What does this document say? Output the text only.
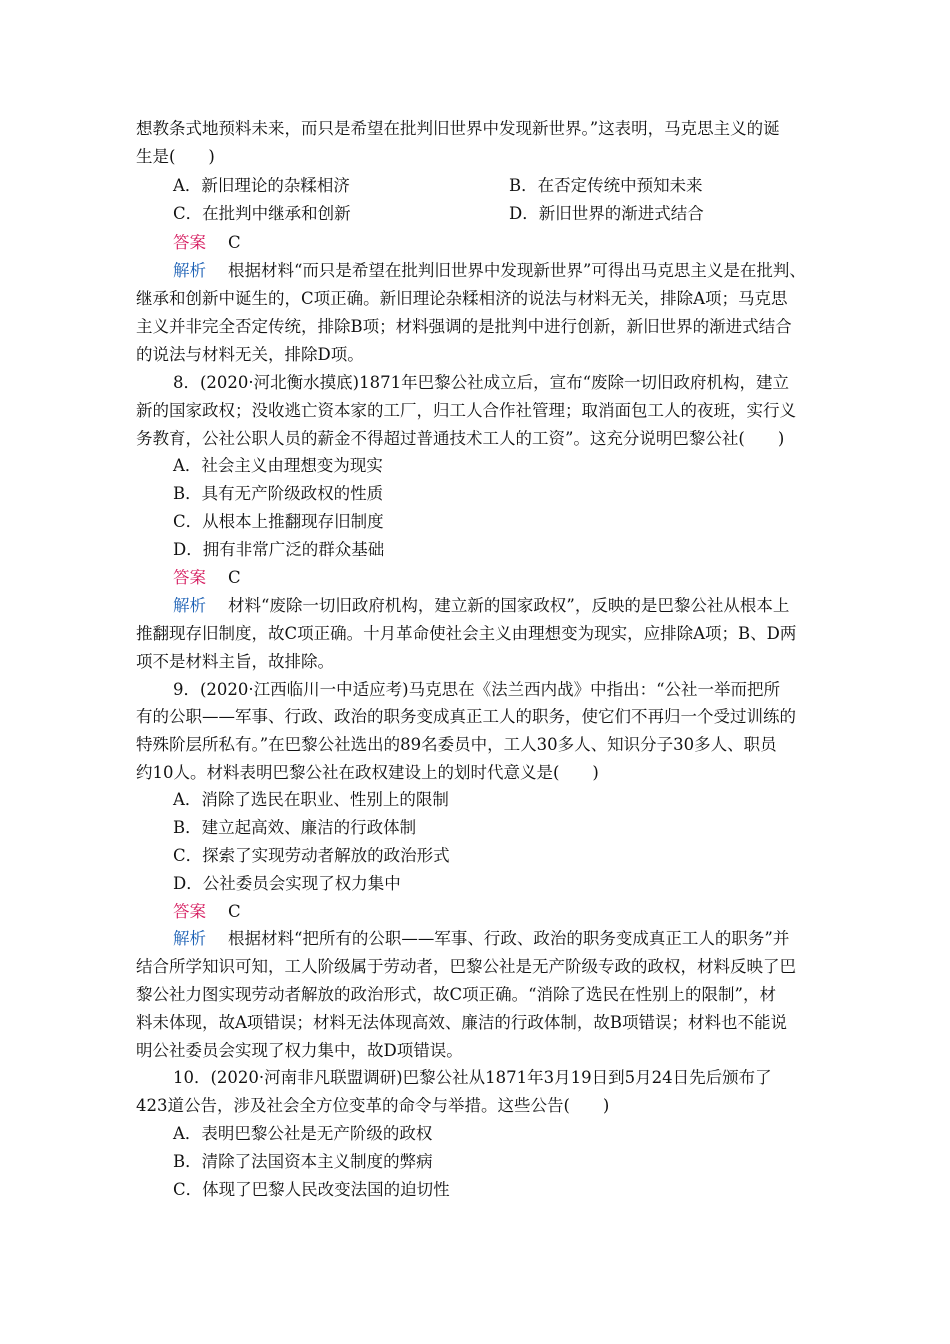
想教条式地预料未来，而只是希望在批判旧世界中发现新世界。”这表明，马克思主义的诞
生是(　　)
A．新旧理论的杂糅相济	B．在否定传统中预知未来
C．在批判中继承和创新	D．新旧世界的渐进式结合
答案 C
解析 根据材料“而只是希望在批判旧世界中发现新世界”可得出马克思主义是在批判、
继承和创新中诞生的，C项正确。新旧理论杂糅相济的说法与材料无关，排除A项；马克思
主义并非完全否定传统，排除B项；材料强调的是批判中进行创新，新旧世界的渐进式结合
的说法与材料无关，排除D项。
8．(2020·河北衡水摸底)1871年巴黎公社成立后，宣布“废除一切旧政府机构，建立
新的国家政权；没收逃亡资本家的工厂，归工人合作社管理；取消面包工人的夜班，实行义
务教育，公社公职人员的薪金不得超过普通技术工人的工资”。这充分说明巴黎公社(　　)
A．社会主义由理想变为现实
B．具有无产阶级政权的性质
C．从根本上推翻现存旧制度
D．拥有非常广泛的群众基础
答案 C
解析 材料“废除一切旧政府机构，建立新的国家政权”，反映的是巴黎公社从根本上
推翻现存旧制度，故C项正确。十月革命使社会主义由理想变为现实，应排除A项；B、D两
项不是材料主旨，故排除。
9．(2020·江西临川一中适应考)马克思在《法兰西内战》中指出：“公社一举而把所
有的公职——军事、行政、政治的职务变成真正工人的职务，使它们不再归一个受过训练的
特殊阶层所私有。”在巴黎公社选出的89名委员中，工人30多人、知识分子30多人、职员
约10人。材料表明巴黎公社在政权建设上的划时代意义是(　　)
A．消除了选民在职业、性别上的限制
B．建立起高效、廉洁的行政体制
C．探索了实现劳动者解放的政治形式
D．公社委员会实现了权力集中
答案 C
解析 根据材料“把所有的公职——军事、行政、政治的职务变成真正工人的职务”并
结合所学知识可知，工人阶级属于劳动者，巴黎公社是无产阶级专政的政权，材料反映了巴
黎公社力图实现劳动者解放的政治形式，故C项正确。“消除了选民在性别上的限制”，材
料未体现，故A项错误；材料无法体现高效、廉洁的行政体制，故B项错误；材料也不能说
明公社委员会实现了权力集中，故D项错误。
10．(2020·河南非凡联盟调研)巴黎公社从1871年3月19日到5月24日先后颁布了
423道公告，涉及社会全方位变革的命令与举措。这些公告(　　)
A．表明巴黎公社是无产阶级的政权
B．清除了法国资本主义制度的弊病
C．体现了巴黎人民改变法国的迫切性
